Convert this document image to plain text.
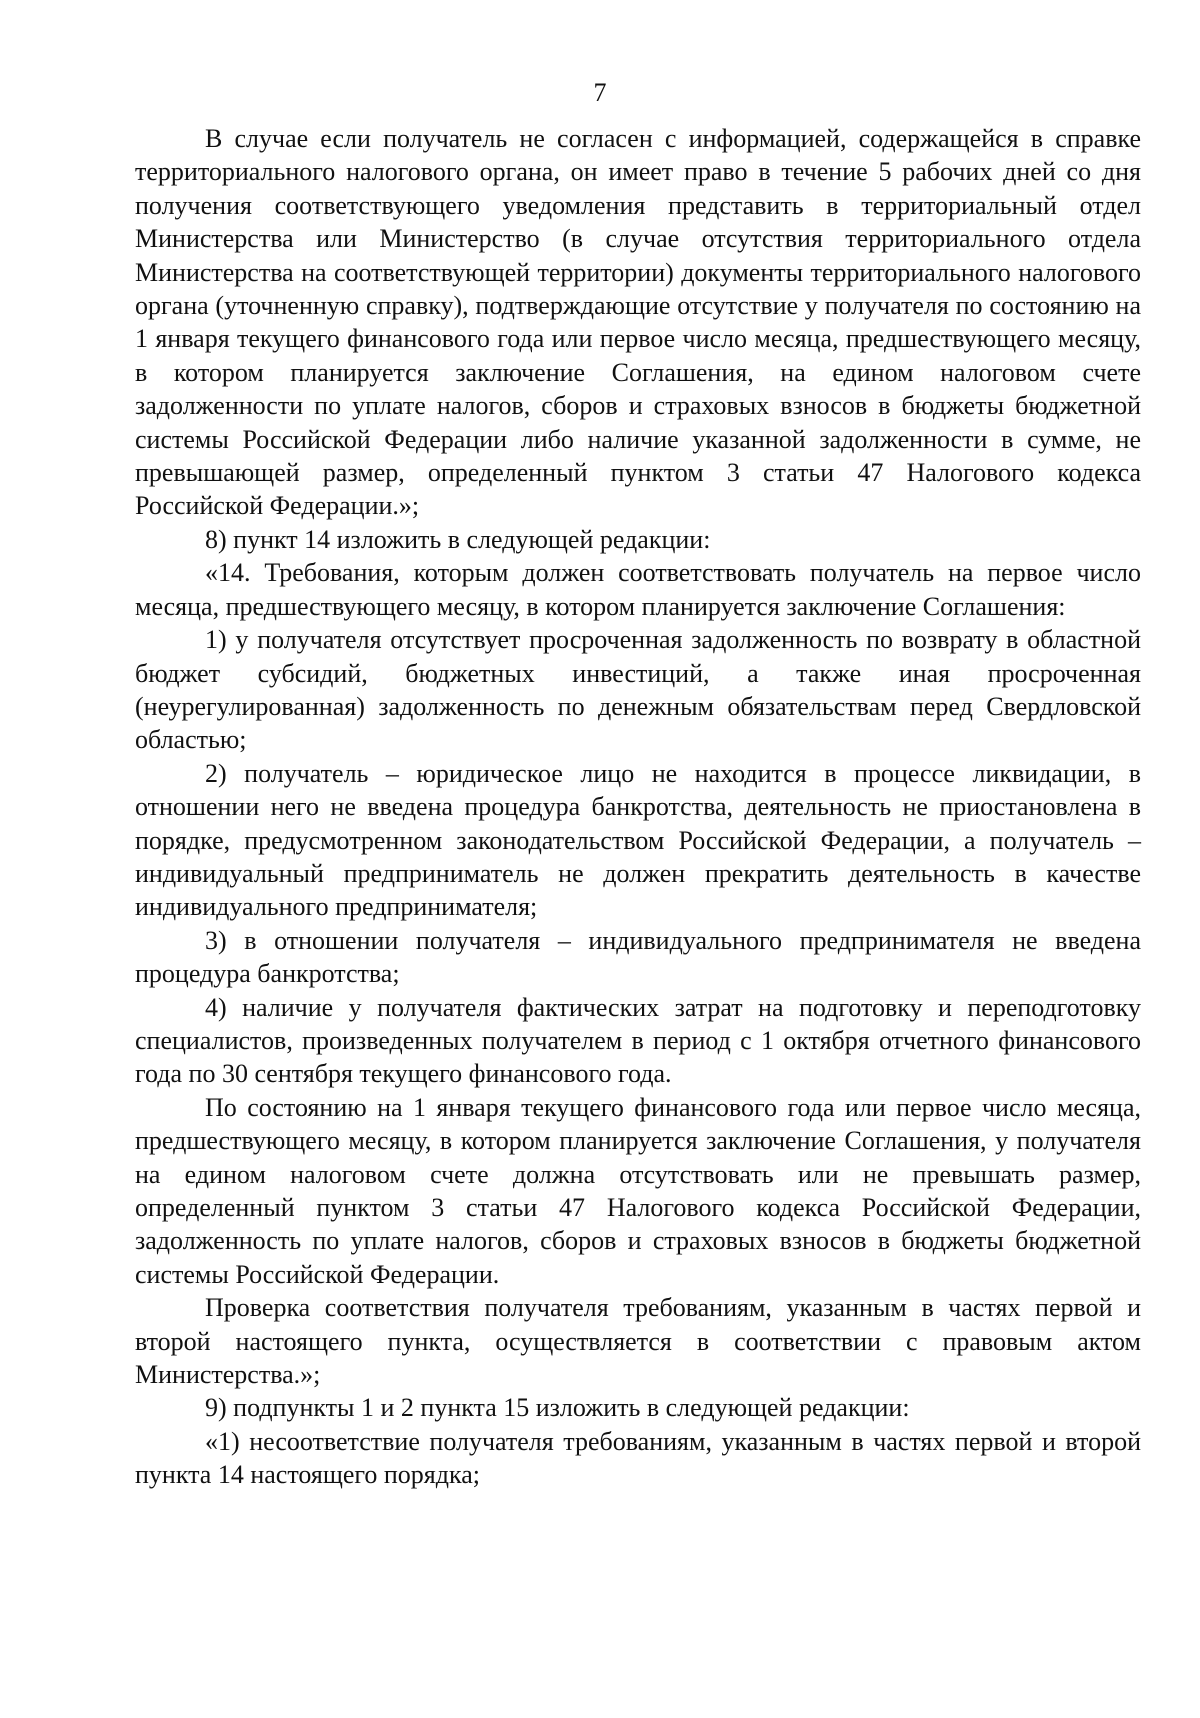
7

В случае если получатель не согласен с информацией, содержащейся в справке территориального налогового органа, он имеет право в течение 5 рабочих дней со дня получения соответствующего уведомления представить в территориальный отдел Министерства или Министерство (в случае отсутствия территориального отдела Министерства на соответствующей территории) документы территориального налогового органа (уточненную справку), подтверждающие отсутствие у получателя по состоянию на 1 января текущего финансового года или первое число месяца, предшествующего месяцу, в котором планируется заключение Соглашения, на едином налоговом счете задолженности по уплате налогов, сборов и страховых взносов в бюджеты бюджетной системы Российской Федерации либо наличие указанной задолженности в сумме, не превышающей размер, определенный пунктом 3 статьи 47 Налогового кодекса Российской Федерации.»;

8) пункт 14 изложить в следующей редакции:

«14. Требования, которым должен соответствовать получатель на первое число месяца, предшествующего месяцу, в котором планируется заключение Соглашения:

1) у получателя отсутствует просроченная задолженность по возврату в областной бюджет субсидий, бюджетных инвестиций, а также иная просроченная (неурегулированная) задолженность по денежным обязательствам перед Свердловской областью;

2) получатель – юридическое лицо не находится в процессе ликвидации, в отношении него не введена процедура банкротства, деятельность не приостановлена в порядке, предусмотренном законодательством Российской Федерации, а получатель – индивидуальный предприниматель не должен прекратить деятельность в качестве индивидуального предпринимателя;

3) в отношении получателя – индивидуального предпринимателя не введена процедура банкротства;

4) наличие у получателя фактических затрат на подготовку и переподготовку специалистов, произведенных получателем в период с 1 октября отчетного финансового года по 30 сентября текущего финансового года.

По состоянию на 1 января текущего финансового года или первое число месяца, предшествующего месяцу, в котором планируется заключение Соглашения, у получателя на едином налоговом счете должна отсутствовать или не превышать размер, определенный пунктом 3 статьи 47 Налогового кодекса Российской Федерации, задолженность по уплате налогов, сборов и страховых взносов в бюджеты бюджетной системы Российской Федерации.

Проверка соответствия получателя требованиям, указанным в частях первой и второй настоящего пункта, осуществляется в соответствии с правовым актом Министерства.»;

9) подпункты 1 и 2 пункта 15 изложить в следующей редакции:

«1) несоответствие получателя требованиям, указанным в частях первой и второй пункта 14 настоящего порядка;
